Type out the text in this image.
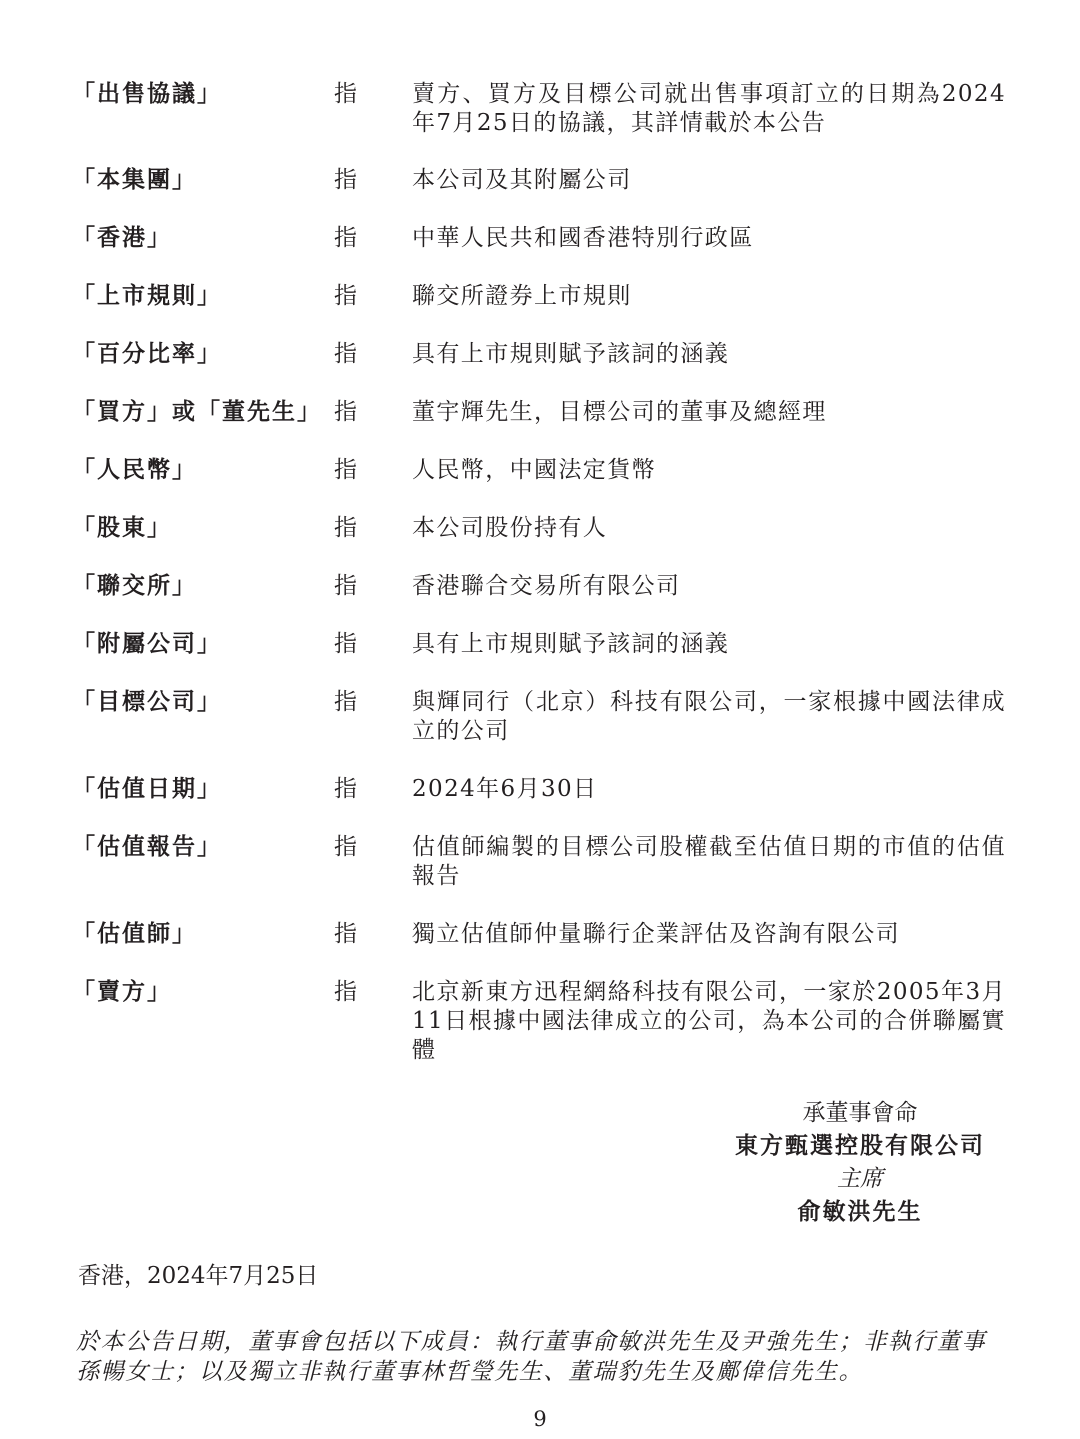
「出售協議」	指 賣方、買方及目標公司就出售事項訂立的日期為2024年7月25日的協議，其詳情載於本公告
「本集團」	指 本公司及其附屬公司
「香港」	指 中華人民共和國香港特別行政區
「上市規則」	指 聯交所證券上市規則
「百分比率」	指 具有上市規則賦予該詞的涵義
「買方」或「董先生」 指 董宇輝先生，目標公司的董事及總經理
「人民幣」	指 人民幣，中國法定貨幣
「股東」	指 本公司股份持有人
「聯交所」	指 香港聯合交易所有限公司
「附屬公司」	指 具有上市規則賦予該詞的涵義
「目標公司」	指 與輝同行（北京）科技有限公司，一家根據中國法律成立的公司
「估值日期」	指 2024年6月30日
「估值報告」	指 估值師編製的目標公司股權截至估值日期的市值的估值報告
「估值師」	指 獨立估值師仲量聯行企業評估及咨詢有限公司
「賣方」	指 北京新東方迅程網絡科技有限公司，一家於2005年3月11日根據中國法律成立的公司，為本公司的合併聯屬實體
承董事會命
東方甄選控股有限公司
主席
俞敏洪先生
香港，2024年7月25日
於本公告日期，董事會包括以下成員：執行董事俞敏洪先生及尹強先生；非執行董事孫暢女士；以及獨立非執行董事林哲瑩先生、董瑞豹先生及鄺偉信先生。
9
